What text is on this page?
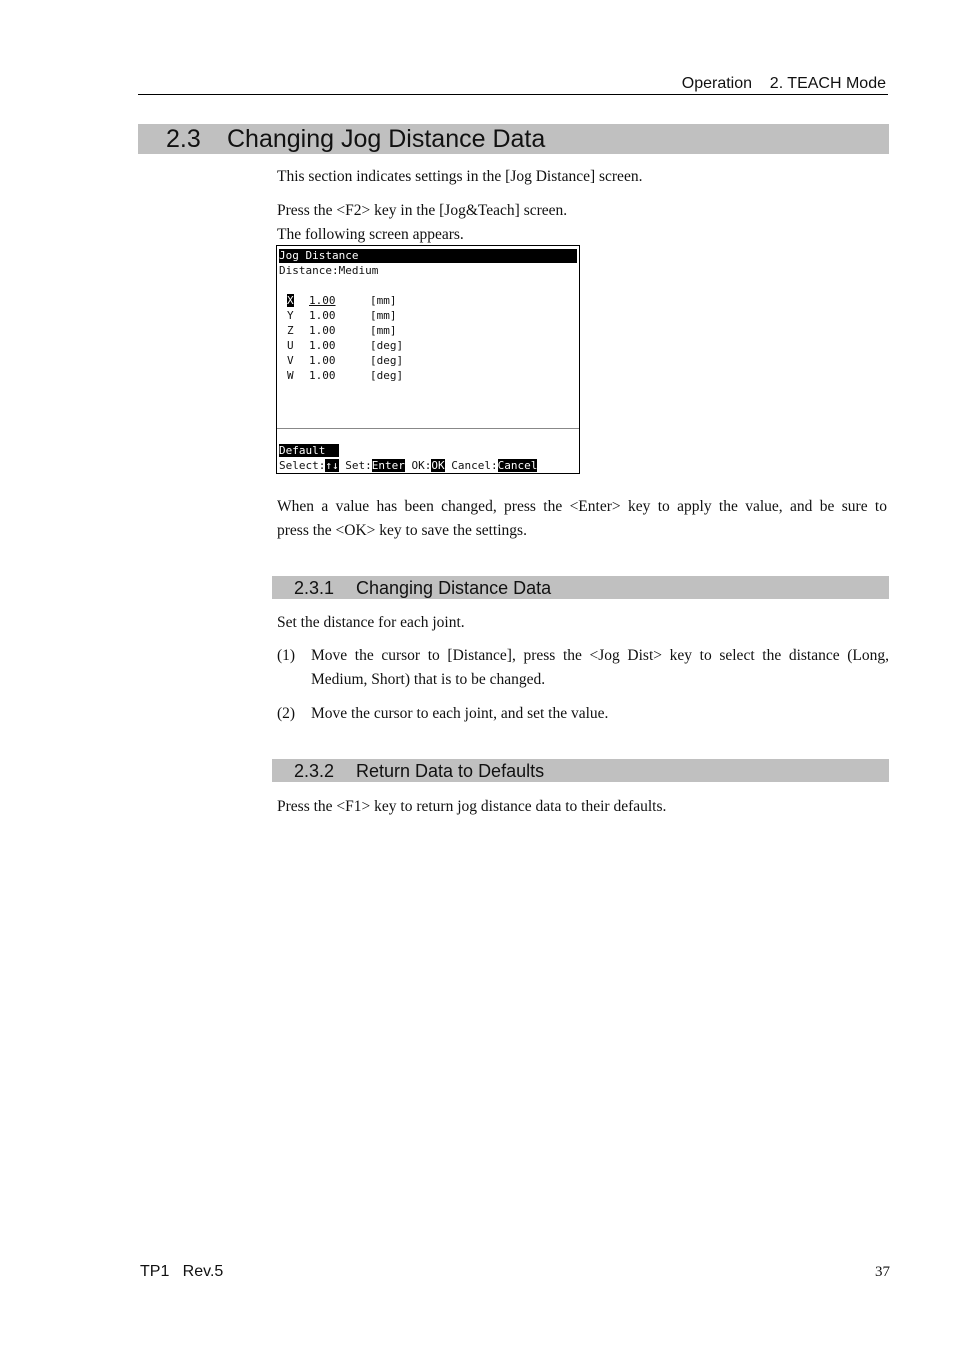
Operation    2. TEACH Mode
2.3 Changing Jog Distance Data
This section indicates settings in the [Jog Distance] screen.
Press the <F2> key in the [Jog&Teach] screen.
The following screen appears.
Jog Distance
Distance:Medium
X 1.00	[mm]
Y 1.00	[mm]
Z 1.00	[mm]
U 1.00	[deg]
V 1.00	[deg]
W 1.00	[deg]
Default
Select:↑↓ Set:Enter OK:OK Cancel:Cancel
When a value has been changed, press the <Enter> key to apply the value, and be sure to
press the <OK> key to save the settings.
2.3.1 Changing Distance Data
Set the distance for each joint.
(1) Move the cursor to [Distance], press the <Jog Dist> key to select the distance (Long,
Medium, Short) that is to be changed.
(2) Move the cursor to each joint, and set the value.
2.3.2 Return Data to Defaults
Press the <F1> key to return jog distance data to their defaults.
TP1   Rev.5	37
